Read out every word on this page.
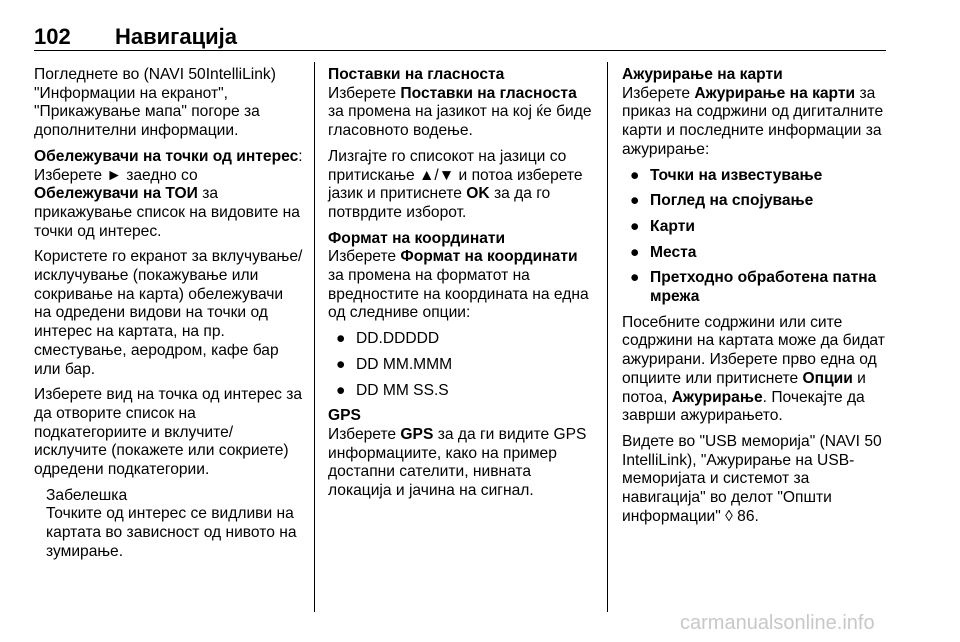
102 Навигација

Погледнете во (NAVI 50IntelliLink) "Информации на екранот", "Прикажување мапа" погоре за дополнителни информации.

Обележувачи на точки од интерес: Изберете ► заедно со Обележувачи на ТОИ за прикажување список на видовите на точки од интерес.

Користете го екранот за вклучување/исклучување (покажување или сокривање на карта) обележувачи на одредени видови на точки од интерес на картата, на пр. сместување, аеродром, кафе бар или бар.

Изберете вид на точка од интерес за да отворите список на подкатегориите и вклучите/ исклучите (покажете или сокриете) одредени подкатегории.

Забелешка
Точките од интерес се видливи на картата во зависност од нивото на зумирање.
Поставки на гласноста

Изберете Поставки на гласноста за промена на јазикот на кој ќе биде гласовното водење.

Лизгајте го списокот на јазици со притискање ▲/▼ и потоа изберете јазик и притиснете OK за да го потврдите изборот.

Формат на координати

Изберете Формат на координати за промена на форматот на вредностите на координата на една од следниве опции:

● DD.DDDDD
● DD MM.MMM
● DD MM SS.S
GPS

Изберете GPS за да ги видите GPS информациите, како на пример достапни сателити, нивната локација и јачина на сигнал.

Ажурирање на карти

Изберете Ажурирање на карти за приказ на содржини од дигиталните карти и последните информации за ажурирање:

● Точки на известување
● Поглед на спојување
● Карти
● Места
● Претходно обработена патна мрежа

Посебните содржини или сите содржини на картата може да бидат ажурирани. Изберете прво една од опциите или притиснете Опции и потоа, Ажурирање. Почекајте да заврши ажурирањето.

Видете во "USB меморија" (NAVI 50 IntelliLink), "Ажурирање на USB-меморијата и системот за навигација" во делот "Општи информации" ◊ 86.

carmanualsonline.info
